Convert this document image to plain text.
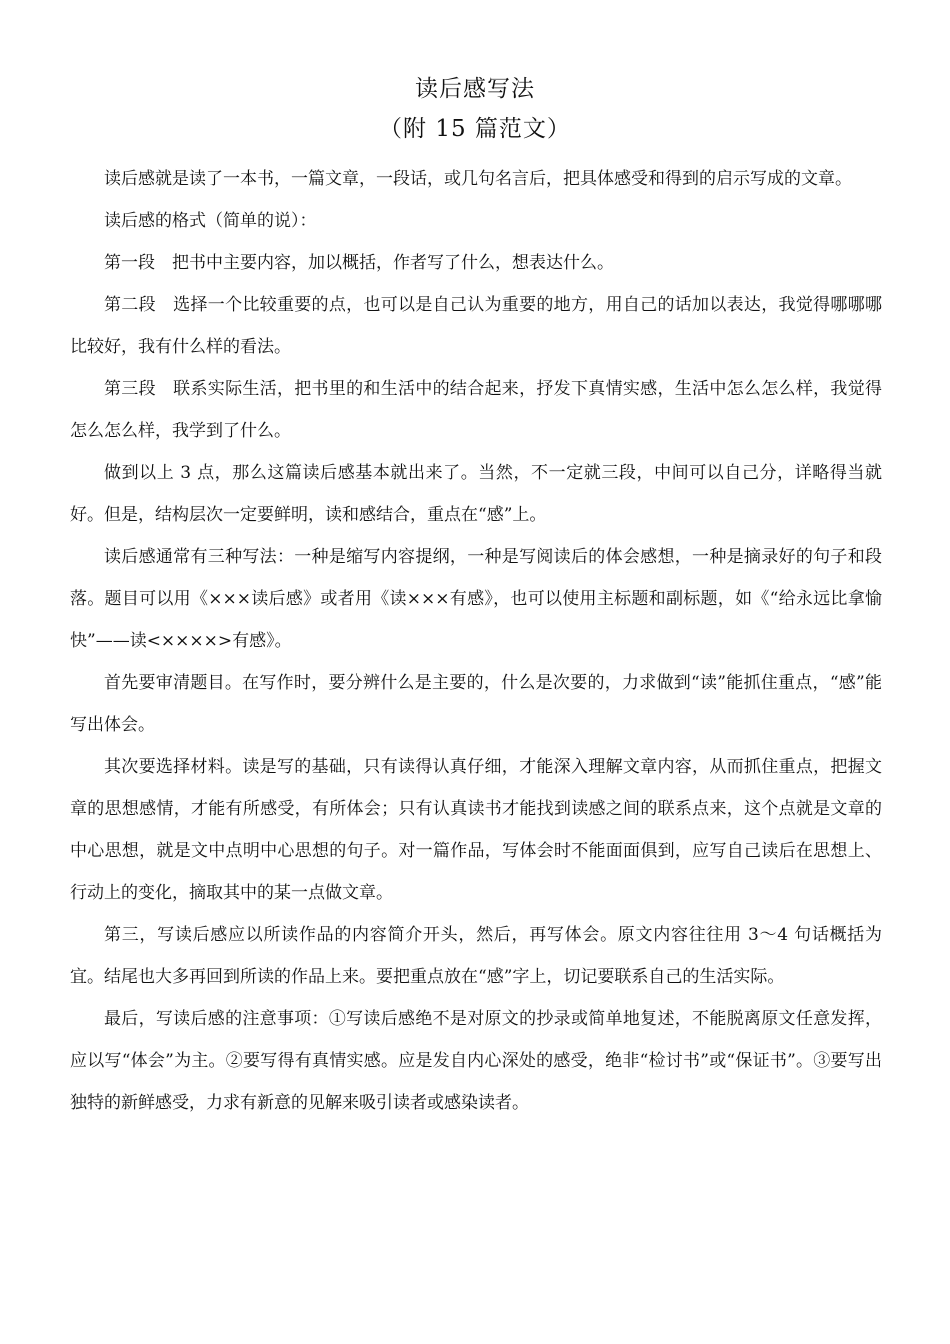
读后感写法
（附 15 篇范文）

读后感就是读了一本书，一篇文章，一段话，或几句名言后，把具体感受和得到的启示写成的文章。

读后感的格式（简单的说）：

第一段　把书中主要内容，加以概括，作者写了什么，想表达什么。

第二段　选择一个比较重要的点，也可以是自己认为重要的地方，用自己的话加以表达，我觉得哪哪哪比较好，我有什么样的看法。

第三段　联系实际生活，把书里的和生活中的结合起来，抒发下真情实感，生活中怎么怎么样，我觉得怎么怎么样，我学到了什么。

做到以上 3 点，那么这篇读后感基本就出来了。当然，不一定就三段，中间可以自己分，详略得当就好。但是，结构层次一定要鲜明，读和感结合，重点在“感”上。

读后感通常有三种写法：一种是缩写内容提纲，一种是写阅读后的体会感想，一种是摘录好的句子和段落。题目可以用《×××读后感》或者用《读×××有感》，也可以使用主标题和副标题，如《“给永远比拿愉快”——读<××××>有感》。

首先要审清题目。在写作时，要分辨什么是主要的，什么是次要的，力求做到“读”能抓住重点，“感”能写出体会。

其次要选择材料。读是写的基础，只有读得认真仔细，才能深入理解文章内容，从而抓住重点，把握文章的思想感情，才能有所感受，有所体会；只有认真读书才能找到读感之间的联系点来，这个点就是文章的中心思想，就是文中点明中心思想的句子。对一篇作品，写体会时不能面面俱到，应写自己读后在思想上、行动上的变化，摘取其中的某一点做文章。

第三，写读后感应以所读作品的内容简介开头，然后，再写体会。原文内容往往用 3～4 句话概括为宜。结尾也大多再回到所读的作品上来。要把重点放在“感”字上，切记要联系自己的生活实际。

最后，写读后感的注意事项：①写读后感绝不是对原文的抄录或简单地复述，不能脱离原文任意发挥，应以写“体会”为主。②要写得有真情实感。应是发自内心深处的感受，绝非“检讨书”或“保证书”。③要写出独特的新鲜感受，力求有新意的见解来吸引读者或感染读者。
